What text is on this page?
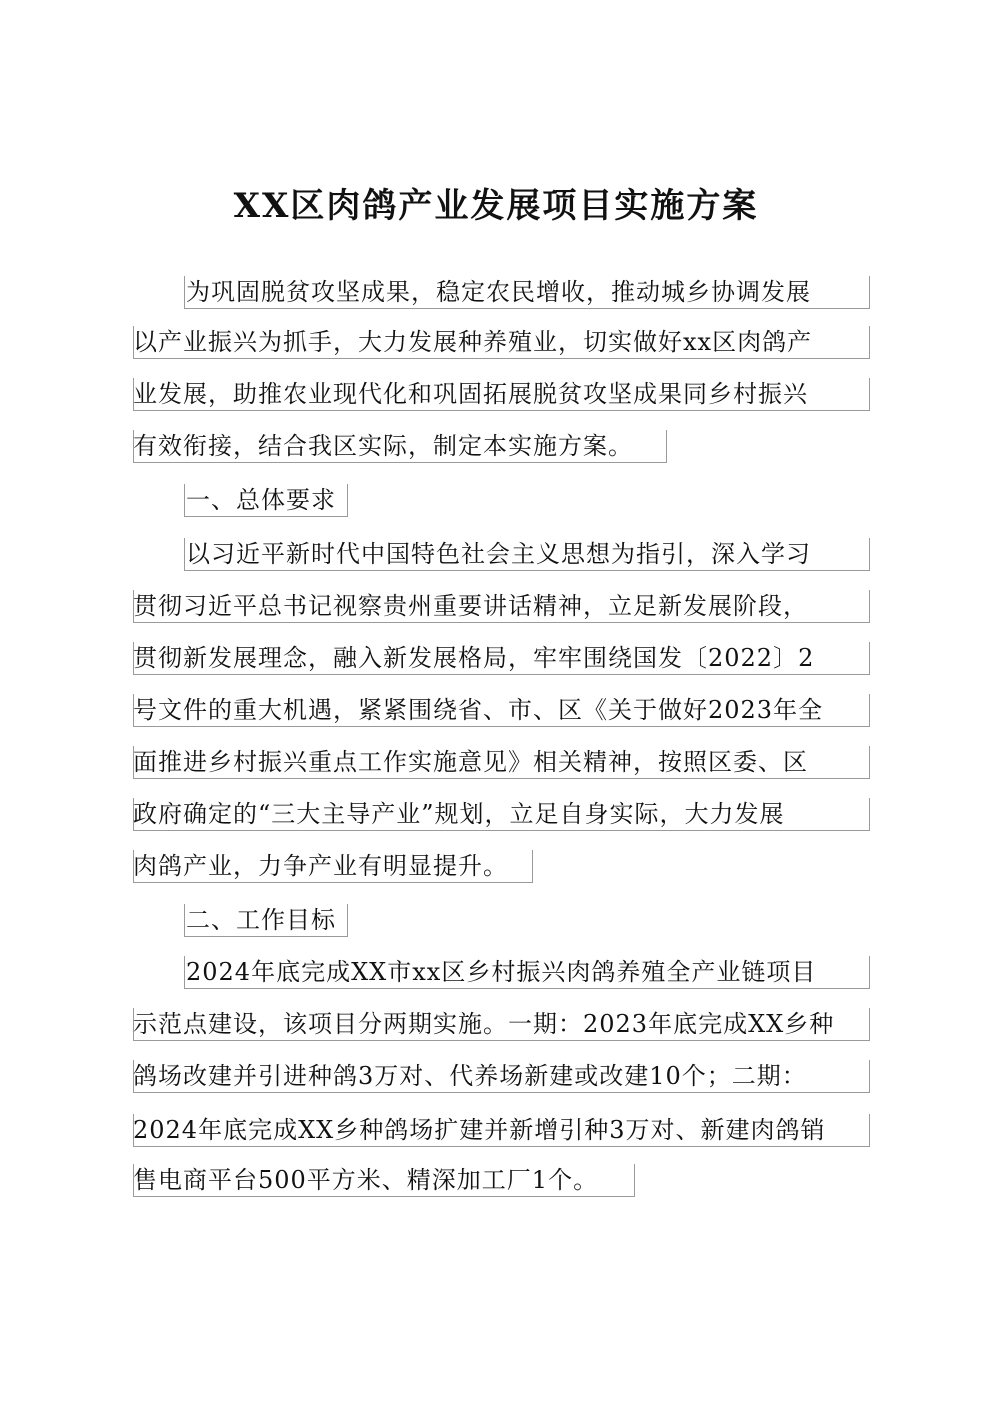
XX区肉鸽产业发展项目实施方案
为巩固脱贫攻坚成果，稳定农民增收，推动城乡协调发展
以产业振兴为抓手，大力发展种养殖业，切实做好xx区肉鸽产
业发展，助推农业现代化和巩固拓展脱贫攻坚成果同乡村振兴
有效衔接，结合我区实际，制定本实施方案。
一、总体要求
以习近平新时代中国特色社会主义思想为指引，深入学习
贯彻习近平总书记视察贵州重要讲话精神，立足新发展阶段，
贯彻新发展理念，融入新发展格局，牢牢围绕国发〔2022〕2
号文件的重大机遇，紧紧围绕省、市、区《关于做好2023年全
面推进乡村振兴重点工作实施意见》相关精神，按照区委、区
政府确定的“三大主导产业”规划，立足自身实际，大力发展
肉鸽产业，力争产业有明显提升。
二、工作目标
2024年底完成XX市xx区乡村振兴肉鸽养殖全产业链项目
示范点建设，该项目分两期实施。一期：2023年底完成XX乡种
鸽场改建并引进种鸽3万对、代养场新建或改建10个；二期：
2024年底完成XX乡种鸽场扩建并新增引种3万对、新建肉鸽销
售电商平台500平方米、精深加工厂1个。
